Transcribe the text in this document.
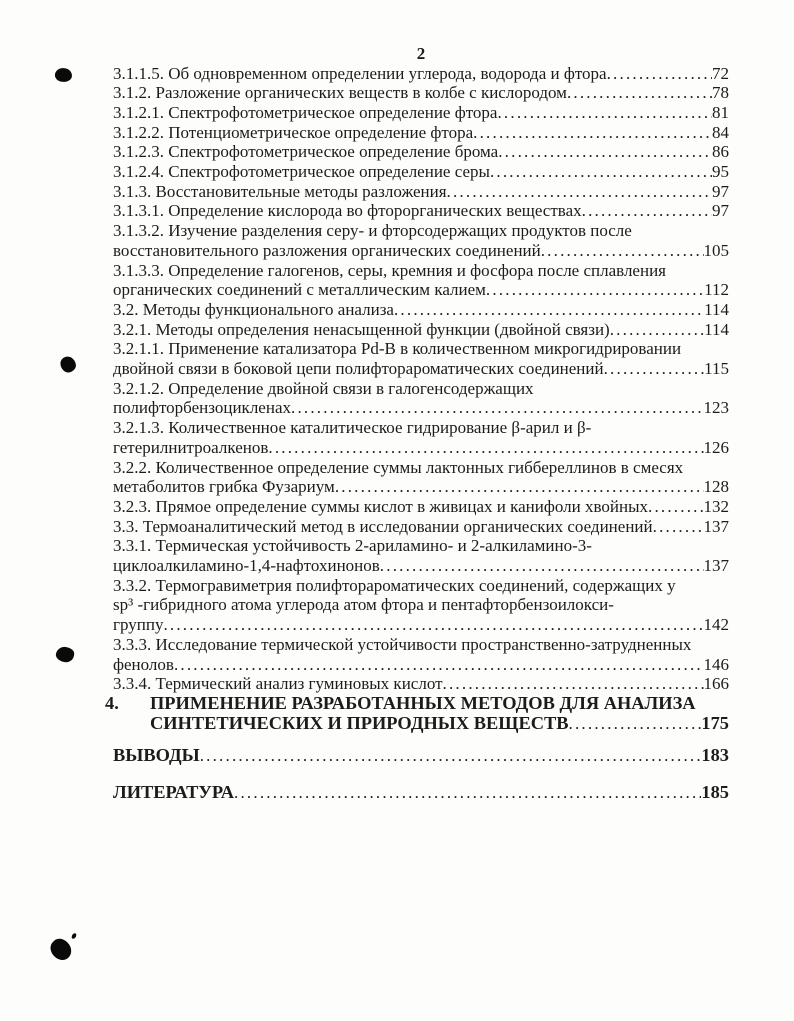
2
3.1.1.5. Об одновременном определении углерода, водорода и фтора .....	72
3.1.2. Разложение органических веществ в колбе с кислородом .....	78
3.1.2.1. Спектрофотометрическое определение фтора .....	81
3.1.2.2. Потенциометрическое определение фтора .....	84
3.1.2.3. Спектрофотометрическое определение брома .....	86
3.1.2.4. Спектрофотометрическое определение серы .....	95
3.1.3. Восстановительные методы разложения .....	97
3.1.3.1. Определение кислорода во фторорганических веществах .....	97
3.1.3.2. Изучение разделения серу- и фторсодержащих продуктов после
восстановительного разложения органических соединений .....	105
3.1.3.3. Определение галогенов, серы, кремния и фосфора после сплавления
органических соединений с металлическим калием .....	112
3.2. Методы функционального анализа .....	114
3.2.1. Методы определения ненасыщенной функции (двойной связи) .....	114
3.2.1.1. Применение катализатора Pd-B в количественном микрогидрировании
двойной связи в боковой цепи полифторароматических соединений .....	115
3.2.1.2. Определение двойной связи в галогенсодержащих
полифторбензоцикленах .....	123
3.2.1.3. Количественное каталитическое гидрирование β-арил и β-
гетерилнитроалкенов .....	126
3.2.2. Количественное определение суммы лактонных гиббереллинов в смесях
метаболитов грибка Фузариум .....	128
3.2.3. Прямое определение суммы кислот в живицах и канифоли хвойных .....	132
3.3. Термоаналитический метод в исследовании органических соединений .....	137
3.3.1. Термическая устойчивость 2-ариламино- и 2-алкиламино-3-
циклоалкиламино-1,4-нафтохинонов .....	137
3.3.2. Термогравиметрия полифторароматических соединений, содержащих у
sp³ -гибридного атома углерода атом фтора и пентафторбензоилокси-
группу .....	142
3.3.3. Исследование термической устойчивости пространственно-затрудненных
фенолов .....	146
3.3.4. Термический анализ гуминовых кислот .....	166
4.	ПРИМЕНЕНИЕ РАЗРАБОТАННЫХ МЕТОДОВ ДЛЯ АНАЛИЗА
СИНТЕТИЧЕСКИХ И ПРИРОДНЫХ ВЕЩЕСТВ .....	175
ВЫВОДЫ .....	183
ЛИТЕРАТУРА .....	185
